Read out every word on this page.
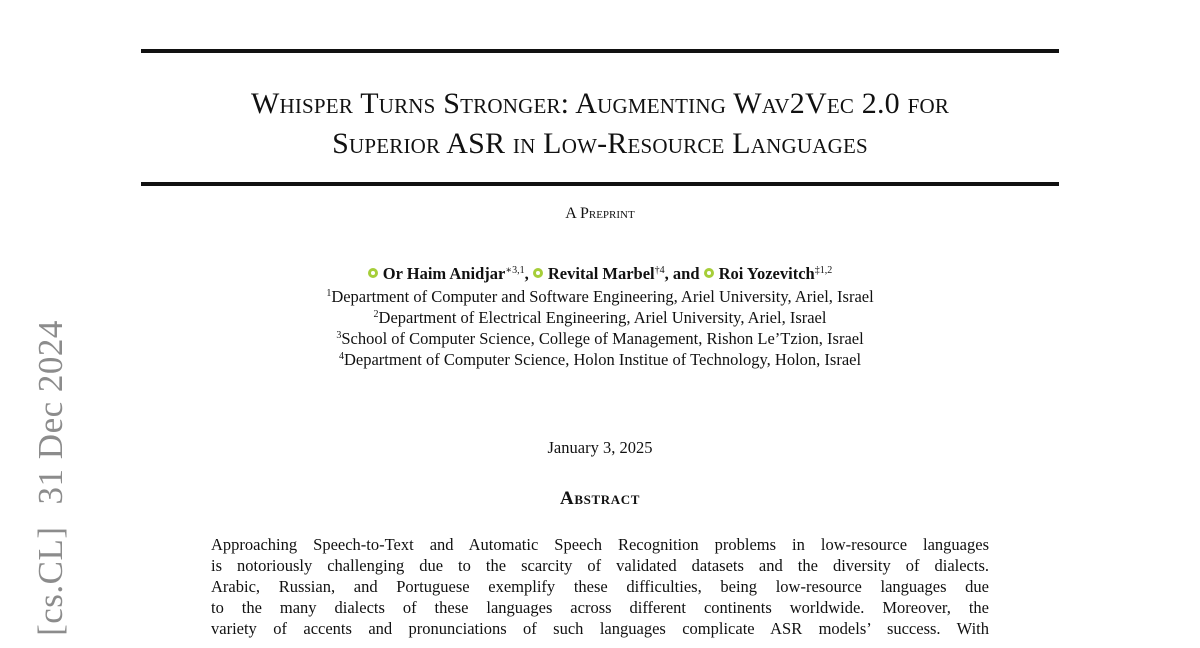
[cs.CL]31 Dec 2024
Whisper Turns Stronger: Augmenting Wav2Vec 2.0 for
Superior ASR in Low-Resource Languages
A Preprint
Or Haim Anidjar$^{∗3,1}$, Revital Marbel$^{\dagger 4}$, and Roi Yozevitch$^{\ddagger 1,2}$
$^1$Department of Computer and Software Engineering, Ariel University, Ariel, Israel
$^2$Department of Electrical Engineering, Ariel University, Ariel, Israel
$^3$School of Computer Science, College of Management, Rishon Le’Tzion, Israel
$^4$Department of Computer Science, Holon Institue of Technology, Holon, Israel
January 3, 2025
Abstract
Approaching Speech-to-Text and Automatic Speech Recognition problems in low-resource languages
is notoriously challenging due to the scarcity of validated datasets and the diversity of dialects.
Arabic, Russian, and Portuguese exemplify these difficulties, being low-resource languages due
to the many dialects of these languages across different continents worldwide. Moreover, the
variety of accents and pronunciations of such languages complicate ASR models’ success. With
